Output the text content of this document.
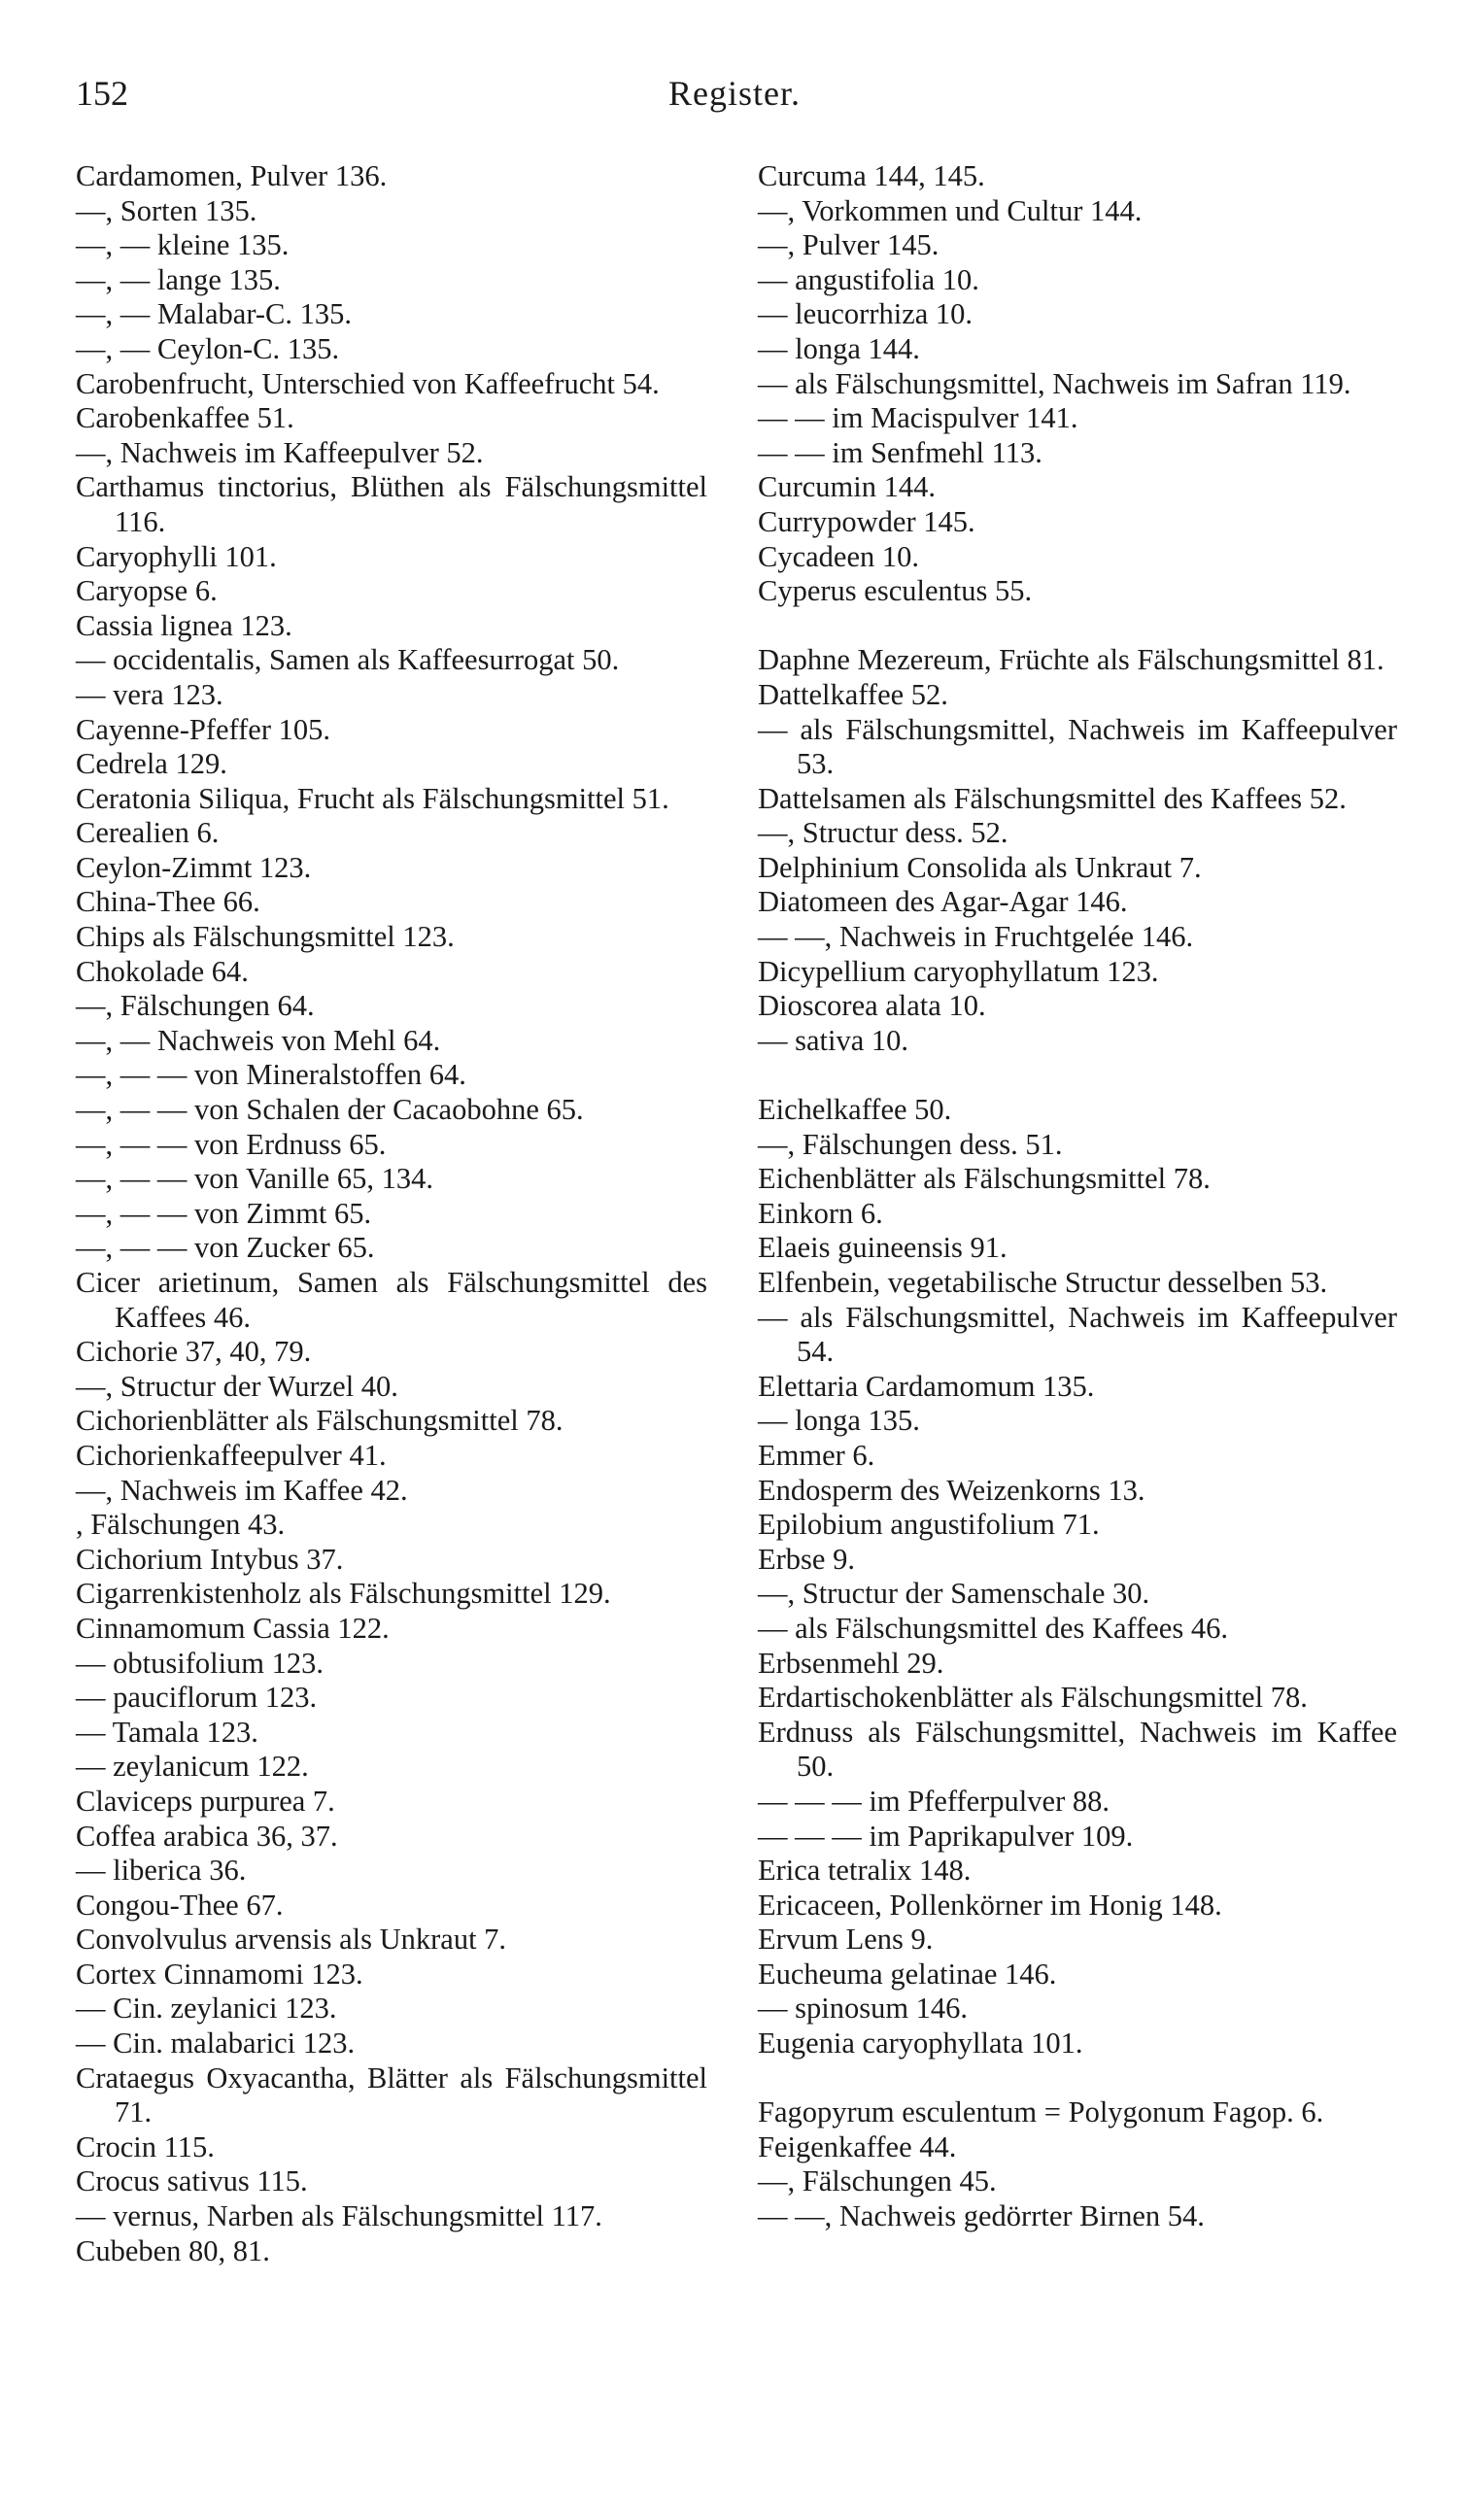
152	Register.

Cardamomen, Pulver 136.

—, Sorten 135.

—, — kleine 135.

—, — lange 135.

—, — Malabar-C. 135.

—, — Ceylon-C. 135.

Carobenfrucht, Unterschied von Kaffeefrucht 54.

Carobenkaffee 51.

—, Nachweis im Kaffeepulver 52.

Carthamus tinctorius, Blüthen als Fälschungsmittel 116.

Caryophylli 101.

Caryopse 6.

Cassia lignea 123.

— occidentalis, Samen als Kaffeesurrogat 50.

— vera 123.

Cayenne-Pfeffer 105.

Cedrela 129.

Ceratonia Siliqua, Frucht als Fälschungsmittel 51.

Cerealien 6.

Ceylon-Zimmt 123.

China-Thee 66.

Chips als Fälschungsmittel 123.

Chokolade 64.

—, Fälschungen 64.

—, — Nachweis von Mehl 64.

—, — — von Mineralstoffen 64.

—, — — von Schalen der Cacaobohne 65.

—, — — von Erdnuss 65.

—, — — von Vanille 65, 134.

—, — — von Zimmt 65.

—, — — von Zucker 65.

Cicer arietinum, Samen als Fälschungsmittel des Kaffees 46.

Cichorie 37, 40, 79.

—, Structur der Wurzel 40.

Cichorienblätter als Fälschungsmittel 78.

Cichorienkaffeepulver 41.

—, Nachweis im Kaffee 42.

, Fälschungen 43.

Cichorium Intybus 37.

Cigarrenkistenholz als Fälschungsmittel 129.

Cinnamomum Cassia 122.

— obtusifolium 123.

— pauciflorum 123.

— Tamala 123.

— zeylanicum 122.

Claviceps purpurea 7.

Coffea arabica 36, 37.

— liberica 36.

Congou-Thee 67.

Convolvulus arvensis als Unkraut 7.

Cortex Cinnamomi 123.

— Cin. zeylanici 123.

— Cin. malabarici 123.

Crataegus Oxyacantha, Blätter als Fälschungsmittel 71.

Crocin 115.

Crocus sativus 115.

— vernus, Narben als Fälschungsmittel 117.

Cubeben 80, 81.

Curcuma 144, 145.

—, Vorkommen und Cultur 144.

—, Pulver 145.

— angustifolia 10.

— leucorrhiza 10.

— longa 144.

— als Fälschungsmittel, Nachweis im Safran 119.

— — im Macispulver 141.

— — im Senfmehl 113.

Curcumin 144.

Currypowder 145.

Cycadeen 10.

Cyperus esculentus 55.

Daphne Mezereum, Früchte als Fälschungsmittel 81.

Dattelkaffee 52.

— als Fälschungsmittel, Nachweis im Kaffeepulver 53.

Dattelsamen als Fälschungsmittel des Kaffees 52.

—, Structur dess. 52.

Delphinium Consolida als Unkraut 7.

Diatomeen des Agar-Agar 146.

— —, Nachweis in Fruchtgelée 146.

Dicypellium caryophyllatum 123.

Dioscorea alata 10.

— sativa 10.

Eichelkaffee 50.

—, Fälschungen dess. 51.

Eichenblätter als Fälschungsmittel 78.

Einkorn 6.

Elaeis guineensis 91.

Elfenbein, vegetabilische Structur desselben 53.

— als Fälschungsmittel, Nachweis im Kaffeepulver 54.

Elettaria Cardamomum 135.

— longa 135.

Emmer 6.

Endosperm des Weizenkorns 13.

Epilobium angustifolium 71.

Erbse 9.

—, Structur der Samenschale 30.

— als Fälschungsmittel des Kaffees 46.

Erbsenmehl 29.

Erdartischokenblätter als Fälschungsmittel 78.

Erdnuss als Fälschungsmittel, Nachweis im Kaffee 50.

— — — im Pfefferpulver 88.

— — — im Paprikapulver 109.

Erica tetralix 148.

Ericaceen, Pollenkörner im Honig 148.

Ervum Lens 9.

Eucheuma gelatinae 146.

— spinosum 146.

Eugenia caryophyllata 101.

Fagopyrum esculentum = Polygonum Fagop. 6.

Feigenkaffee 44.

—, Fälschungen 45.

— —, Nachweis gedörrter Birnen 54.
